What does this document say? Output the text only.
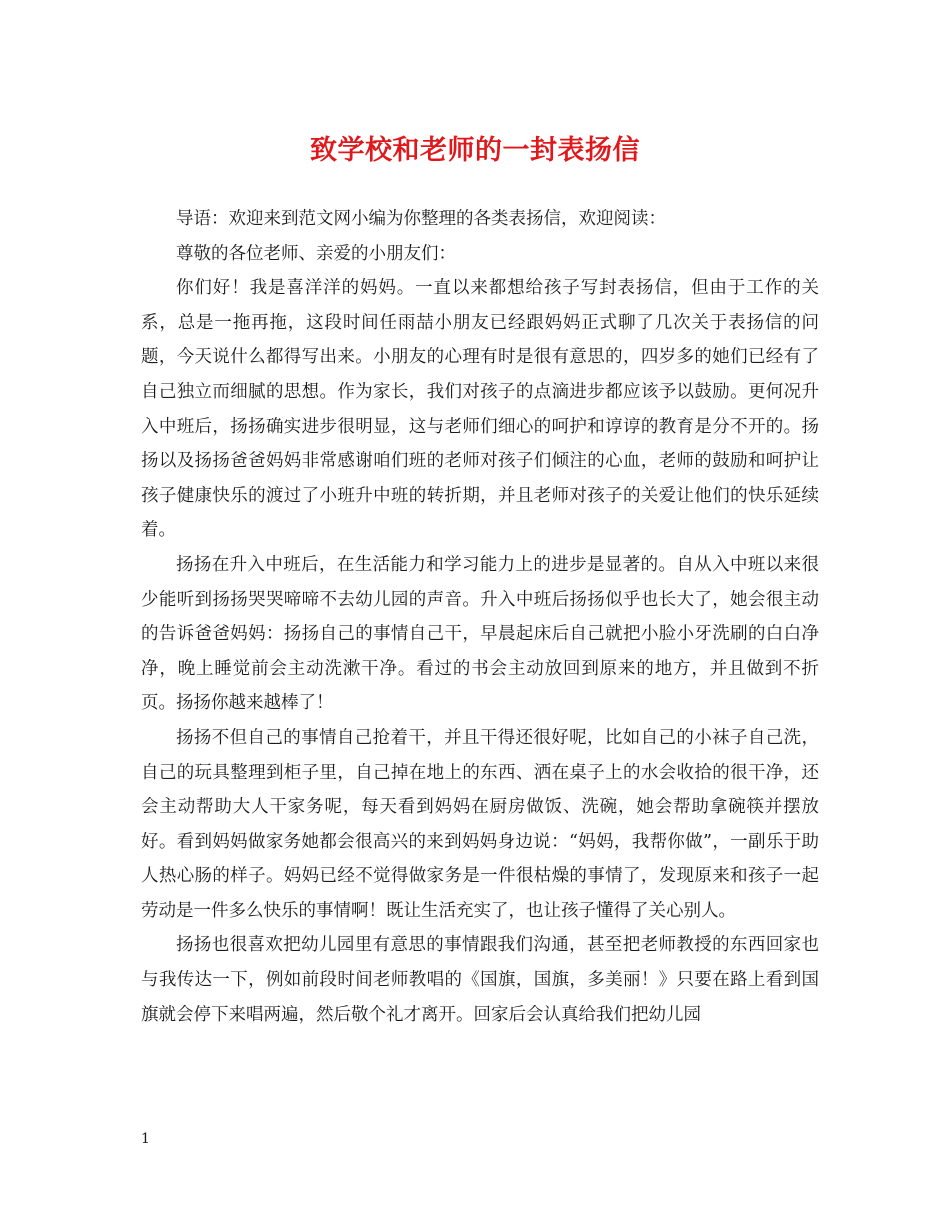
致学校和老师的一封表扬信

导语：欢迎来到范文网小编为你整理的各类表扬信，欢迎阅读：

尊敬的各位老师、亲爱的小朋友们：

你们好！我是喜洋洋的妈妈。一直以来都想给孩子写封表扬信，但由于工作的关系，总是一拖再拖，这段时间任雨喆小朋友已经跟妈妈正式聊了几次关于表扬信的问题，今天说什么都得写出来。小朋友的心理有时是很有意思的，四岁多的她们已经有了自己独立而细腻的思想。作为家长，我们对孩子的点滴进步都应该予以鼓励。更何况升入中班后，扬扬确实进步很明显，这与老师们细心的呵护和谆谆的教育是分不开的。扬扬以及扬扬爸爸妈妈非常感谢咱们班的老师对孩子们倾注的心血，老师的鼓励和呵护让孩子健康快乐的渡过了小班升中班的转折期，并且老师对孩子的关爱让他们的快乐延续着。

扬扬在升入中班后，在生活能力和学习能力上的进步是显著的。自从入中班以来很少能听到扬扬哭哭啼啼不去幼儿园的声音。升入中班后扬扬似乎也长大了，她会很主动的告诉爸爸妈妈：扬扬自己的事情自己干，早晨起床后自己就把小脸小牙洗刷的白白净净，晚上睡觉前会主动洗漱干净。看过的书会主动放回到原来的地方，并且做到不折页。扬扬你越来越棒了！

扬扬不但自己的事情自己抢着干，并且干得还很好呢，比如自己的小袜子自己洗，自己的玩具整理到柜子里，自己掉在地上的东西、洒在桌子上的水会收拾的很干净，还会主动帮助大人干家务呢，每天看到妈妈在厨房做饭、洗碗，她会帮助拿碗筷并摆放好。看到妈妈做家务她都会很高兴的来到妈妈身边说：“妈妈，我帮你做”，一副乐于助人热心肠的样子。妈妈已经不觉得做家务是一件很枯燥的事情了，发现原来和孩子一起劳动是一件多么快乐的事情啊！既让生活充实了，也让孩子懂得了关心别人。

扬扬也很喜欢把幼儿园里有意思的事情跟我们沟通，甚至把老师教授的东西回家也与我传达一下，例如前段时间老师教唱的《国旗，国旗，多美丽！》只要在路上看到国旗就会停下来唱两遍，然后敬个礼才离开。回家后会认真给我们把幼儿园

1
